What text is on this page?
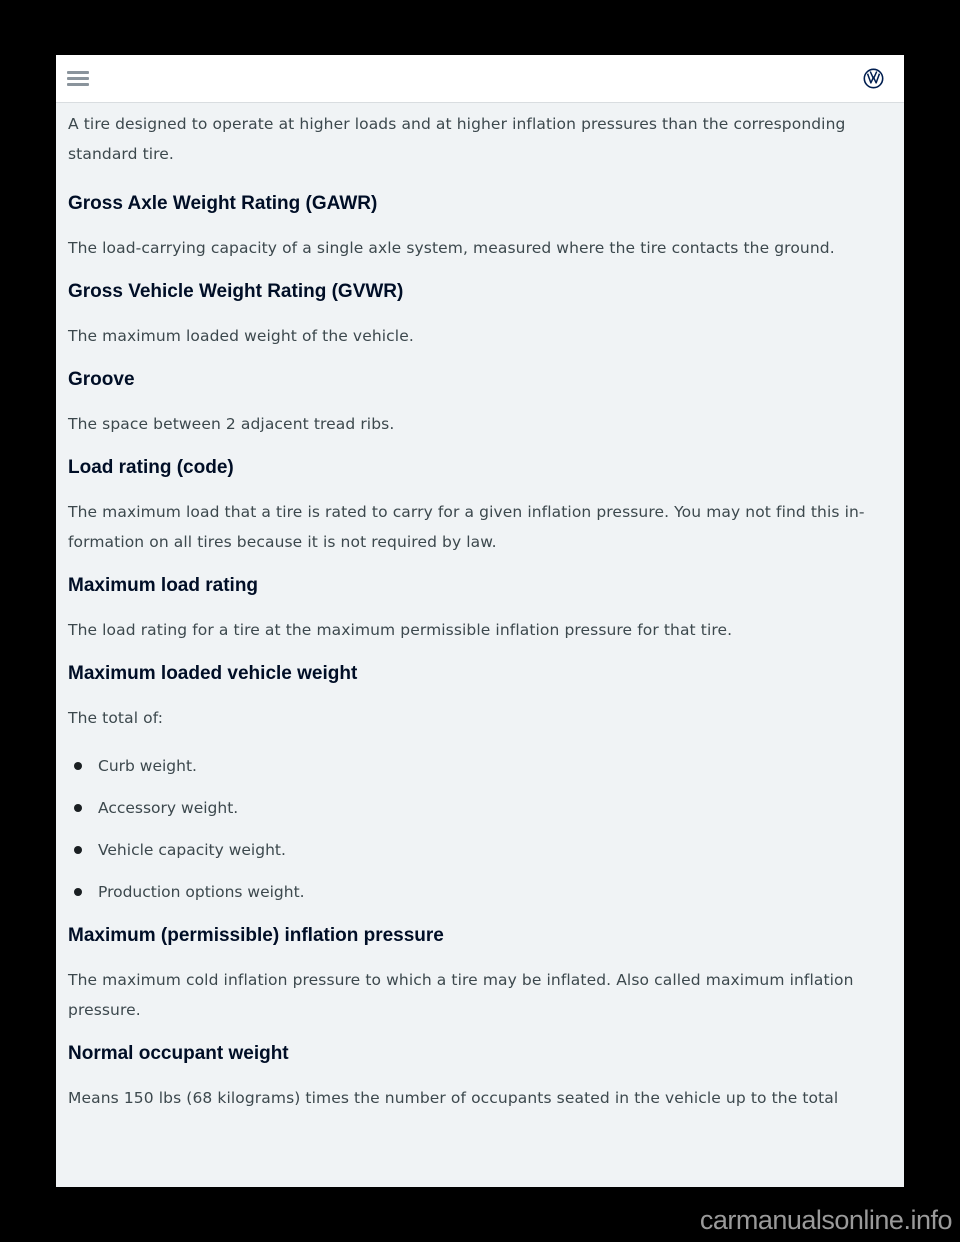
A tire designed to operate at higher loads and at higher inflation pressures than the corresponding
standard tire.

Gross Axle Weight Rating (GAWR)

The load-carrying capacity of a single axle system, measured where the tire contacts the ground.

Gross Vehicle Weight Rating (GVWR)

The maximum loaded weight of the vehicle.

Groove

The space between 2 adjacent tread ribs.

Load rating (code)

The maximum load that a tire is rated to carry for a given inflation pressure. You may not find this in-
formation on all tires because it is not required by law.

Maximum load rating

The load rating for a tire at the maximum permissible inflation pressure for that tire.

Maximum loaded vehicle weight

The total of:

Curb weight.
Accessory weight.
Vehicle capacity weight.
Production options weight.
Maximum (permissible) inflation pressure

The maximum cold inflation pressure to which a tire may be inflated. Also called maximum inflation
pressure.

Normal occupant weight

Means 150 lbs (68 kilograms) times the number of occupants seated in the vehicle up to the total

carmanualsonline.info
